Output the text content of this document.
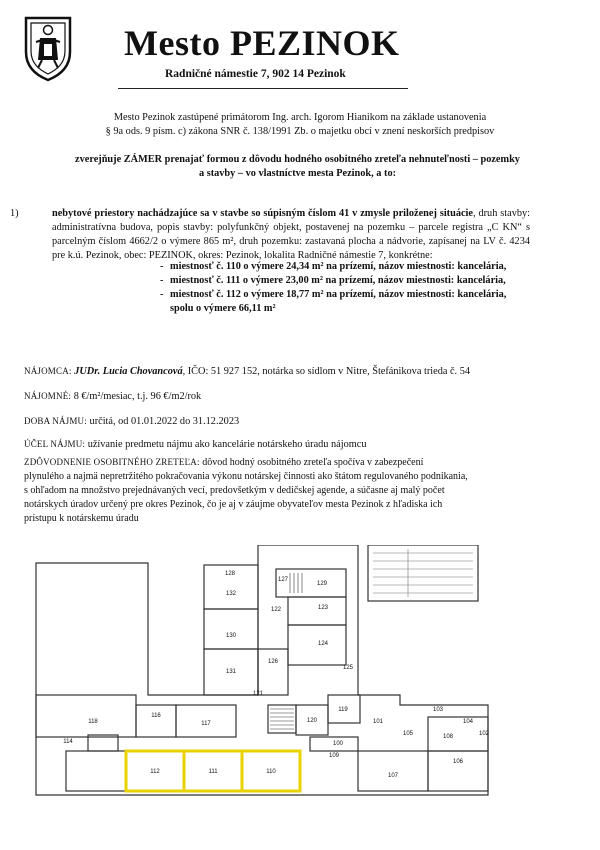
Mesto PEZINOK
Radničné námestie 7, 902 14 Pezinok
Mesto Pezinok zastúpené primátorom Ing. arch. Igorom Hianikom na základe ustanovenia
§ 9a ods. 9 písm. c) zákona SNR č. 138/1991 Zb. o majetku obcí v znení neskorších predpisov
zverejňuje ZÁMER prenajať formou z dôvodu hodného osobitného zreteľa nehnuteľnosti – pozemky
a stavby – vo vlastníctve mesta Pezinok, a to:
1)	nebytové priestory nachádzajúce sa v stavbe so súpisným číslom 41 v zmysle priloženej situácie, druh stavby: administratívna budova, popis stavby: polyfunkčný objekt, postavenej na pozemku – parcele registra „C KN“ s parcelným číslom 4662/2 o výmere 865 m², druh pozemku: zastavaná plocha a nádvorie, zapísanej na LV č. 4234 pre k.ú. Pezinok, obec: PEZINOK, okres: Pezinok, lokalita Radničné námestie 7, konkrétne:
- miestnosť č. 110 o výmere 24,34 m² na prízemí, názov miestnosti: kancelária,
- miestnosť č. 111 o výmere 23,00 m² na prízemí, názov miestnosti: kancelária,
- miestnosť č. 112 o výmere 18,77 m² na prízemí, názov miestnosti: kancelária,
spolu o výmere 66,11 m²
NÁJOMCA: JUDr. Lucia Chovancová, IČO: 51 927 152, notárka so sídlom v Nitre, Štefánikova trieda č. 54
NÁJOMNÉ: 8 €/m²/mesiac, t.j. 96 €/m2/rok
DOBA NÁJMU: určitá, od 01.01.2022 do 31.12.2023
ÚČEL NÁJMU: užívanie predmetu nájmu ako kancelárie notárskeho úradu nájomcu
ZDÔVODNENIE OSOBITNÉHO ZRETEĽA: dôvod hodný osobitného zreteľa spočíva v zabezpečení
plynulého a najmä nepretržitého pokračovania výkonu notárskej činnosti ako štátom regulovaného podnikania,
s ohľadom na množstvo prejednávaných vecí, predovšetkým v dedičskej agende, a súčasne aj malý počet
notárskych úradov určený pre okres Pezinok, čo je aj v záujme obyvateľov mesta Pezinok z hľadiska ich
prístupu k notárskemu úradu
129
123
124
122
125
130
131
132
128
127
126
118
116
120
121
119
117
114
112	111	110
109
107
106
108
105
104
103
102
101
100
